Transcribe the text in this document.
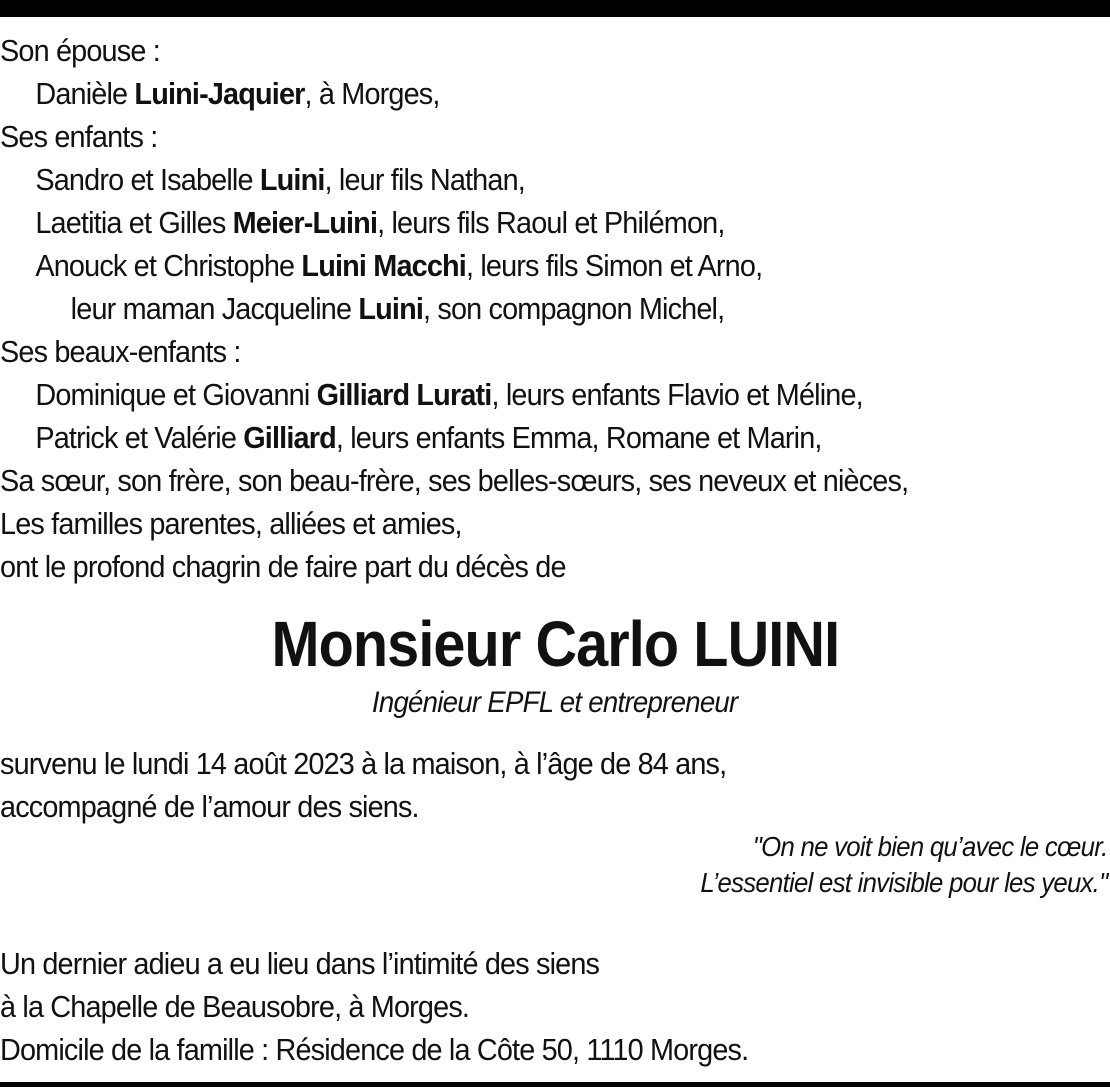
Son épouse :
Danièle Luini-Jaquier, à Morges,
Ses enfants :
Sandro et Isabelle Luini, leur fils Nathan,
Laetitia et Gilles Meier-Luini, leurs fils Raoul et Philémon,
Anouck et Christophe Luini Macchi, leurs fils Simon et Arno,
leur maman Jacqueline Luini, son compagnon Michel,
Ses beaux-enfants :
Dominique et Giovanni Gilliard Lurati, leurs enfants Flavio et Méline,
Patrick et Valérie Gilliard, leurs enfants Emma, Romane et Marin,
Sa sœur, son frère, son beau-frère, ses belles-sœurs, ses neveux et nièces,
Les familles parentes, alliées et amies,
ont le profond chagrin de faire part du décès de
Monsieur Carlo LUINI
Ingénieur EPFL et entrepreneur
survenu le lundi 14 août 2023 à la maison, à l’âge de 84 ans,
accompagné de l’amour des siens.
"On ne voit bien qu’avec le cœur.
L’essentiel est invisible pour les yeux."
Un dernier adieu a eu lieu dans l’intimité des siens
à la Chapelle de Beausobre, à Morges.
Domicile de la famille : Résidence de la Côte 50, 1110 Morges.
